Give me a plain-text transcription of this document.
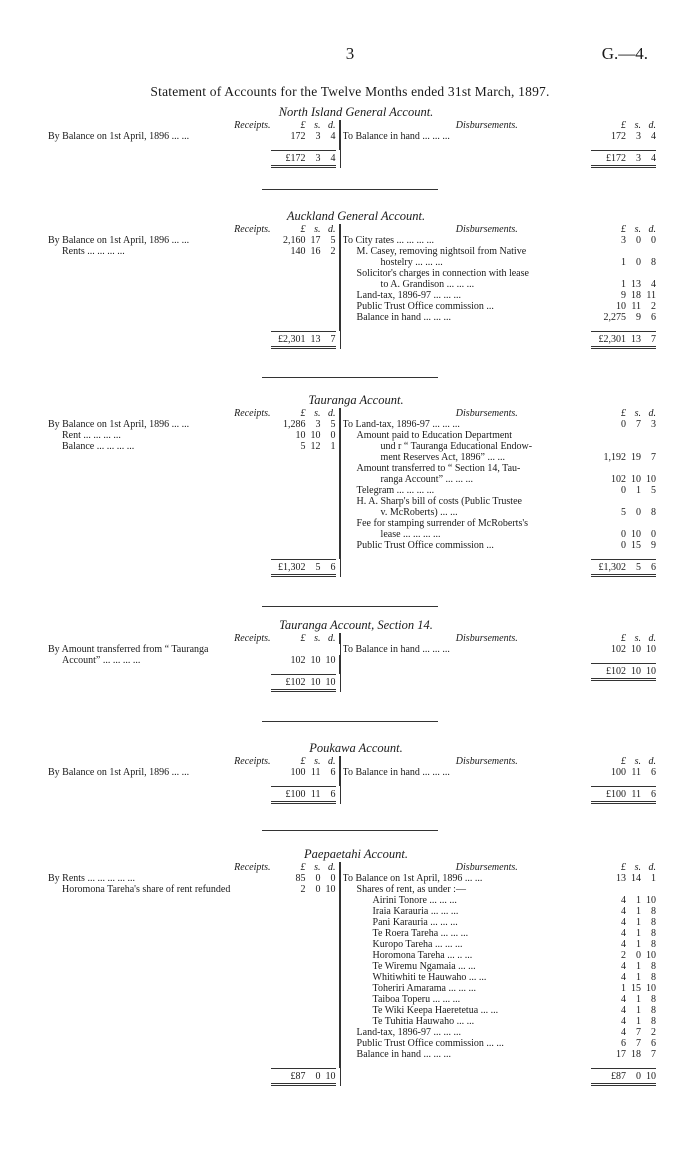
3	G.—4.
Statement of Accounts for the Twelve Months ended 31st March, 1897.
North Island General Account.
Receipts.	£ s. d.
By Balance on 1st April, 1896 ... ...	172	3	4
£172	3	4
Disbursements.	£ s. d.
To Balance in hand ... ... ...	172	3	4
£172	3	4
Auckland General Account.
Receipts.	£ s. d.
By Balance on 1st April, 1896 ... ...	2,160 17	5
Rents ... ... ... ...	140 16	2
£2,301 13	7
Disbursements.	£ s. d.
To City rates ... ... ... ...	3	0	0
M. Casey, removing nightsoil from Native
hostelry ... ... ...	1	0	8
Solicitor's charges in connection with lease
to A. Grandison ... ... ...	1 13	4
Land-tax, 1896-97 ... ... ...	9 18 11
Public Trust Office commission ...	10 11	2
Balance in hand ... ... ...	2,275	9	6
£2,301 13	7
Tauranga Account.
Receipts.	£ s. d.
By Balance on 1st April, 1896 ... ...	1,286	3	5
Rent ... ... ... ...	10 10	0
Balance ... ... ... ...	5 12	1
£1,302	5	6
Disbursements.	£ s. d.
To Land-tax, 1896-97 ... ... ...	0	7	3
Amount paid to Education Department
und r “ Tauranga Educational Endow-
ment Reserves Act, 1896” ... ...	1,192 19	7
Amount transferred to “ Section 14, Tau-
ranga Account” ... ... ...	102 10 10
Telegram ... ... ... ...	0	1	5
H. A. Sharp's bill of costs (Public Trustee
v. McRoberts) ... ...	5	0	8
Fee for stamping surrender of McRoberts's
lease ... ... ... ...	0 10	0
Public Trust Office commission ...	0 15	9
£1,302	5	6
Tauranga Account, Section 14.
Receipts.	£ s. d.
By Amount transferred from “ Tauranga
Account” ... ... ... ...	102 10 10
£102 10 10
Disbursements.	£ s. d.
To Balance in hand ... ... ...	102 10 10
£102 10 10
Poukawa Account.
Receipts.	£ s. d.
By Balance on 1st April, 1896 ... ...	100 11	6
£100 11	6
Disbursements.	£ s. d.
To Balance in hand ... ... ...	100 11	6
£100 11	6
Paepaetahi Account.
Receipts.	£ s. d.
By Rents ... ... ... ... ...	85	0	0
Horomona Tareha's share of rent refunded	2	0 10
£87	0 10
Disbursements.	£ s. d.
To Balance on 1st April, 1896 ... ...	13 14	1
Shares of rent, as under :—
Airini Tonore ... ... ...	4	1 10
Iraia Karauria ... ... ...	4	1	8
Pani Karauria ... ... ...	4	1	8
Te Roera Tareha ... ... ...	4	1	8
Kuropo Tareha ... ... ...	4	1	8
Horomona Tareha ... .. ...	2	0 10
Te Wiremu Ngamaia ... ...	4	1	8
Whitiwhiti te Hauwaho ... ...	4	1	8
Toheriri Amarama ... ... ...	1 15 10
Taiboa Toperu ... ... ...	4	1	8
Te Wiki Keepa Haeretetua ... ...	4	1	8
Te Tuhitia Hauwaho ... ...	4	1	8
Land-tax, 1896-97 ... ... ...	4	7	2
Public Trust Office commission ... ...	6	7	6
Balance in hand ... ... ...	17 18	7
£87	0 10
